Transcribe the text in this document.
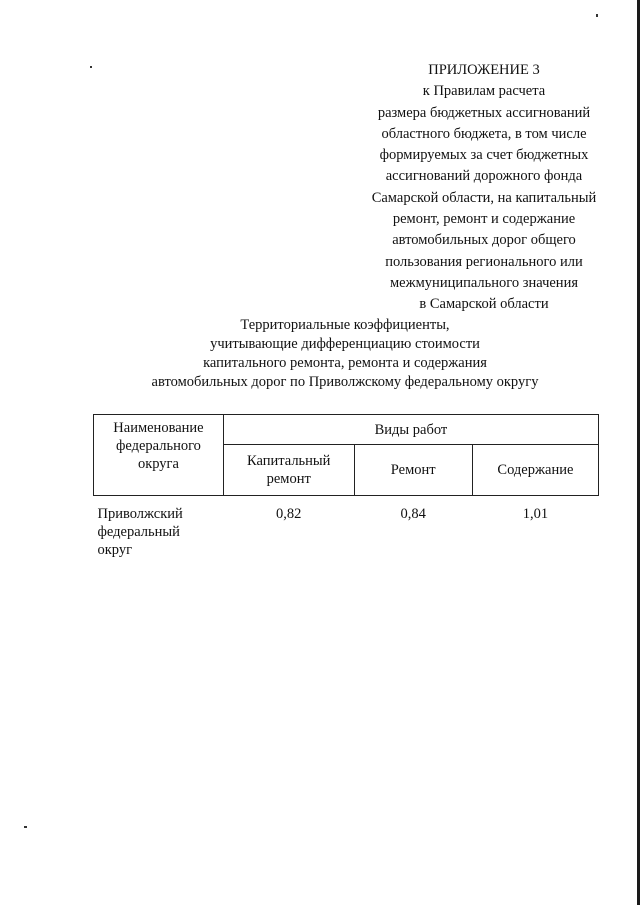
ПРИЛОЖЕНИЕ 3
к Правилам расчета
размера бюджетных ассигнований
областного бюджета, в том числе
формируемых за счет бюджетных
ассигнований дорожного фонда
Самарской области, на капитальный
ремонт, ремонт и содержание
автомобильных дорог общего
пользования регионального или
межмуниципального значения
в Самарской области
Территориальные коэффициенты,
учитывающие дифференциацию стоимости
капитального ремонта, ремонта и содержания
автомобильных дорог по Приволжскому федеральному округу
Наименование
федерального
округа	Виды работ		

	Капитальный
ремонт	Ремонт	Содержание

Приволжский
федеральный
округ	0,82	0,84	1,01
